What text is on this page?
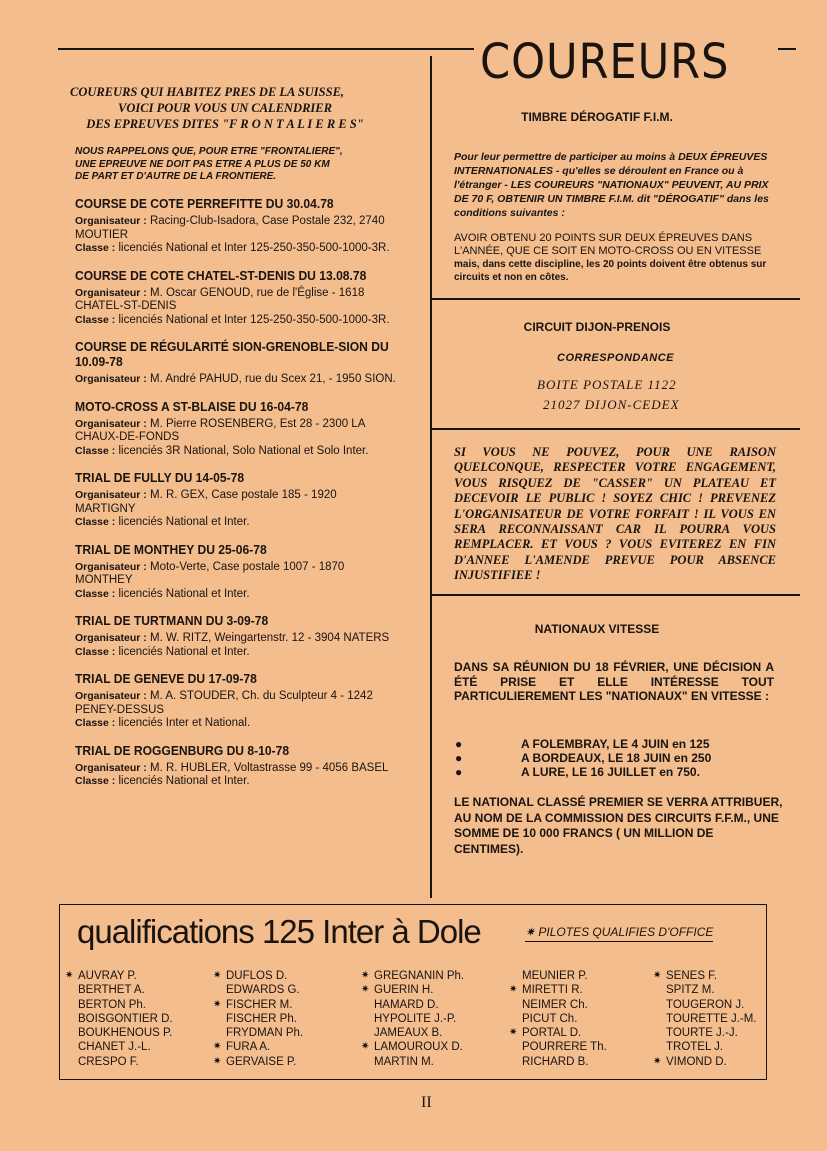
COUREURS
COUREURS QUI HABITEZ PRES DE LA SUISSE,
VOICI POUR VOUS UN CALENDRIER
DES EPREUVES DITES "F R O N T A L I E R E S"
NOUS RAPPELONS QUE, POUR ETRE "FRONTALIERE",
UNE EPREUVE NE DOIT PAS ETRE A PLUS DE 50 KM
DE PART ET D'AUTRE DE LA FRONTIERE.
COURSE DE COTE PERREFITTE DU 30.04.78

Organisateur : Racing-Club-Isadora, Case Postale 232, 2740 MOUTIER

Classe : licenciés National et Inter 125-250-350-500-1000-3R.

COURSE DE COTE CHATEL-ST-DENIS DU 13.08.78

Organisateur : M. Oscar GENOUD, rue de l'Église - 1618 CHATEL-ST-DENIS

Classe : licenciés National et Inter 125-250-350-500-1000-3R.

COURSE DE RÉGULARITÉ SION-GRENOBLE-SION DU 10.09-78

Organisateur : M. André PAHUD, rue du Scex 21, - 1950 SION.

MOTO-CROSS A ST-BLAISE DU 16-04-78

Organisateur : M. Pierre ROSENBERG, Est 28 - 2300 LA CHAUX-DE-FONDS

Classe : licenciés 3R National, Solo National et Solo Inter.

TRIAL DE FULLY DU 14-05-78

Organisateur : M. R. GEX, Case postale 185 - 1920 MARTIGNY

Classe : licenciés National et Inter.

TRIAL DE MONTHEY DU 25-06-78

Organisateur : Moto-Verte, Case postale 1007 - 1870 MONTHEY

Classe : licenciés National et Inter.

TRIAL DE TURTMANN DU 3-09-78

Organisateur : M. W. RITZ, Weingartenstr. 12 - 3904 NATERS

Classe : licenciés National et Inter.

TRIAL DE GENEVE DU 17-09-78

Organisateur : M. A. STOUDER, Ch. du Sculpteur 4 - 1242 PENEY-DESSUS

Classe : licenciés Inter et National.

TRIAL DE ROGGENBURG DU 8-10-78

Organisateur : M. R. HUBLER, Voltastrasse 99 - 4056 BASEL

Classe : licenciés National et Inter.

TIMBRE DÉROGATIF F.I.M.
Pour leur permettre de participer au moins à DEUX ÉPREUVES INTERNATIONALES - qu'elles se déroulent en France ou à l'étranger - LES COUREURS "NATIONAUX" PEUVENT, AU PRIX DE 70 F, OBTENIR UN TIMBRE F.I.M. dit "DÉROGATIF" dans les conditions suivantes :
AVOIR OBTENU 20 POINTS SUR DEUX ÉPREUVES DANS L'ANNÉE, QUE CE SOIT EN MOTO-CROSS OU EN VITESSE
mais, dans cette discipline, les 20 points doivent être obtenus sur circuits et non en côtes.
CIRCUIT DIJON-PRENOIS
CORRESPONDANCE
BOITE POSTALE 1122
21027 DIJON-CEDEX
SI VOUS NE POUVEZ, POUR UNE RAISON QUELCONQUE, RESPECTER VOTRE ENGAGEMENT, VOUS RISQUEZ DE "CASSER" UN PLATEAU ET DECEVOIR LE PUBLIC ! SOYEZ CHIC ! PREVENEZ L'ORGANISATEUR DE VOTRE FORFAIT ! IL VOUS EN SERA RECONNAISSANT CAR IL POURRA VOUS REMPLACER. ET VOUS ? VOUS EVITEREZ EN FIN D'ANNEE L'AMENDE PREVUE POUR ABSENCE INJUSTIFIEE !
NATIONAUX VITESSE
DANS SA RÉUNION DU 18 FÉVRIER, UNE DÉCISION A ÉTÉ PRISE ET ELLE INTÉRESSE TOUT PARTICULIEREMENT LES "NATIONAUX" EN VITESSE :
●	A FOLEMBRAY, LE 4 JUIN en 125
●	A BORDEAUX, LE 18 JUIN en 250
●	A LURE, LE 16 JUILLET en 750.
LE NATIONAL CLASSÉ PREMIER SE VERRA ATTRIBUER, AU NOM DE LA COMMISSION DES CIRCUITS F.F.M., UNE SOMME DE 10 000 FRANCS ( UN MILLION DE CENTIMES).
qualifications 125 Inter à Dole	✷ PILOTES QUALIFIES D'OFFICE
✷ AUVRAY P.
BERTHET A.
BERTON Ph.
BOISGONTIER D.
BOUKHENOUS P.
CHANET J.-L.
CRESPO F.
✷ DUFLOS D.
EDWARDS G.
✷ FISCHER M.
FISCHER Ph.
FRYDMAN Ph.
✷ FURA A.
✷ GERVAISE P.
✷ GREGNANIN Ph.
✷ GUERIN H.
HAMARD D.
HYPOLITE J.-P.
JAMEAUX B.
✷ LAMOUROUX D.
MARTIN M.
MEUNIER P.
✷ MIRETTI R.
NEIMER Ch.
PICUT Ch.
✷ PORTAL D.
POURRERE Th.
RICHARD B.
✷ SENES F.
SPITZ M.
TOUGERON J.
TOURETTE J.-M.
TOURTE J.-J.
TROTEL J.
✷ VIMOND D.
II
